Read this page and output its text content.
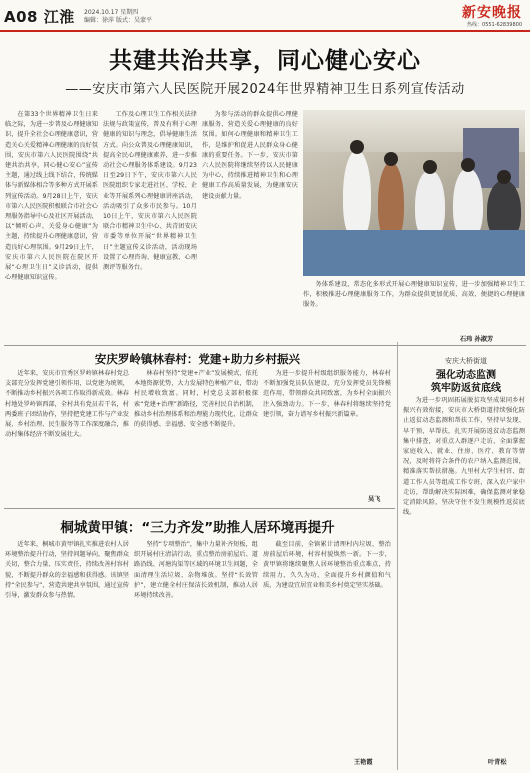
A08 江淮 2024.10.17 星期四
编辑：徐萍 版式：吴蒙平	新安晚报
热线：0551-62839800
共建共治共享，同心健心安心
——安庆市第六人民医院开展2024年世界精神卫生日系列宣传活动

在第33个世界精神卫生日来临之际，为进一步普及心理健康知识，提升全社会心理健康意识，营造关心关爱精神心理健康的良好氛围，安庆市第六人民医院围绕“共建共治共享，同心健心安心”宣传主题，通过线上线下结合，传统媒体与新媒体相合等多种方式开展系列宣传活动。9月28日上午，安庆市第六人民医院积极联合市社会心理服务指导中心及社区开展活动，以“倾听心声、关爱身心健康”为主题，持续提升心理健康意识，营造良好心理氛围。9月29日上午，安庆市第六人民医院在院区开展“心理卫生日”义诊活动，提供心理健康知识宣传。

工作及心理卫生工作相关法律法规与政策宣传，普及有利于心理健康的知识与理念，倡导健康生活方式。向公众普及心理健康知识，提高全民心理健康素养，进一步推动社会心理服务体系建设。9月23日至29日下午，安庆市第六人民医院组织专家走进社区、学校、企业等开展系列心理健康讲座活动，活动吸引了众多市民参与。10月10日上午，安庆市第六人民医院联合市精神卫生中心、共青团安庆市委等单位开展“世界精神卫生日”主题宣传义诊活动，活动现场设置了心理咨询、健康宣教、心理测评等服务台。

为参与活动的群众提供心理健康服务，营造关爱心理健康的良好氛围。如何心理健康和精神卫生工作，是维护和促进人民群众身心健康的重要任务。下一步，安庆市第六人民医院将继续坚持以人民健康为中心，持续推进精神卫生和心理健康工作高质量发展，为健康安庆建设贡献力量。

务体系建设，常态化多形式开展心理健康知识宣传，进一步加强精神卫生工作，积极推进心理健康服务工作，为群众提供更加优质、高效、便捷的心理健康服务。

石玮 孙淑芳
安庆罗岭镇林春村：党建+助力乡村振兴

近年来，安庆市宜秀区罗岭镇林春村党总支部充分发挥党建引领作用，以党建为统领，不断推动乡村振兴各项工作取得新成效。林春村地处罗岭镇西部，全村共有党员若干名，村两委班子团结协作，坚持把党建工作与产业发展、乡村治理、民生服务等工作深度融合，推动村集体经济不断发展壮大。

林春村坚持“党建+产业”发展模式，依托本地资源优势，大力发展特色种植产业，带动村民增收致富。同时，村党总支部积极探索“党建+治理”新路径，完善村民自治机制，推动乡村治理体系和治理能力现代化，让群众的获得感、幸福感、安全感不断提升。

为进一步提升村级组织服务能力，林春村不断加强党员队伍建设，充分发挥党员先锋模范作用，带领群众共同致富，为乡村全面振兴注入强劲动力。下一步，林春村将继续坚持党建引领，奋力谱写乡村振兴新篇章。

吴飞
桐城黄甲镇：“三力齐发”助推人居环境再提升

近年来，桐城市黄甲镇扎实推进农村人居环境整治提升行动，坚持问题导向，聚焦群众关切，整合力量、压实责任，持续改善村容村貌，不断提升群众的幸福感和获得感。该镇坚持“全民参与”，营造共建共享氛围，通过宣传引导，激发群众参与热情。

坚持“专项整治”，集中力量补齐短板，组织开展村庄清洁行动，重点整治房前屋后、道路沿线、河塘沟渠等区域的环境卫生问题，全面清理生活垃圾、杂物堆放。坚持“长效管护”，建立健全村庄保洁长效机制，推动人居环境持续改善。

截至目前，全镇累计清理村内垃圾、整治房前屋后环境，村容村貌焕然一新。下一步，黄甲镇将继续聚焦人居环境整治重点难点，持续用力、久久为功，全面提升乡村颜值和气质，为建设宜居宜业和美乡村奠定坚实基础。

王艳霞
安庆大桥街道
强化动态监测
筑牢防返贫底线

为进一步巩固拓展脱贫攻坚成果同乡村振兴有效衔接，安庆市大桥街道持续强化防止返贫动态监测和帮扶工作，坚持早发现、早干预、早帮扶，扎实开展防返贫动态监测集中排查，对重点人群逐户走访，全面掌握家庭收入、就业、住房、医疗、教育等情况，及时将符合条件的农户纳入监测范围，精准落实帮扶措施。九里村大学生村官、街道工作人员等组成工作专班，深入农户家中走访，帮助解决实际困难，确保监测对象稳定消除风险，坚决守住不发生规模性返贫底线。

叶青松
